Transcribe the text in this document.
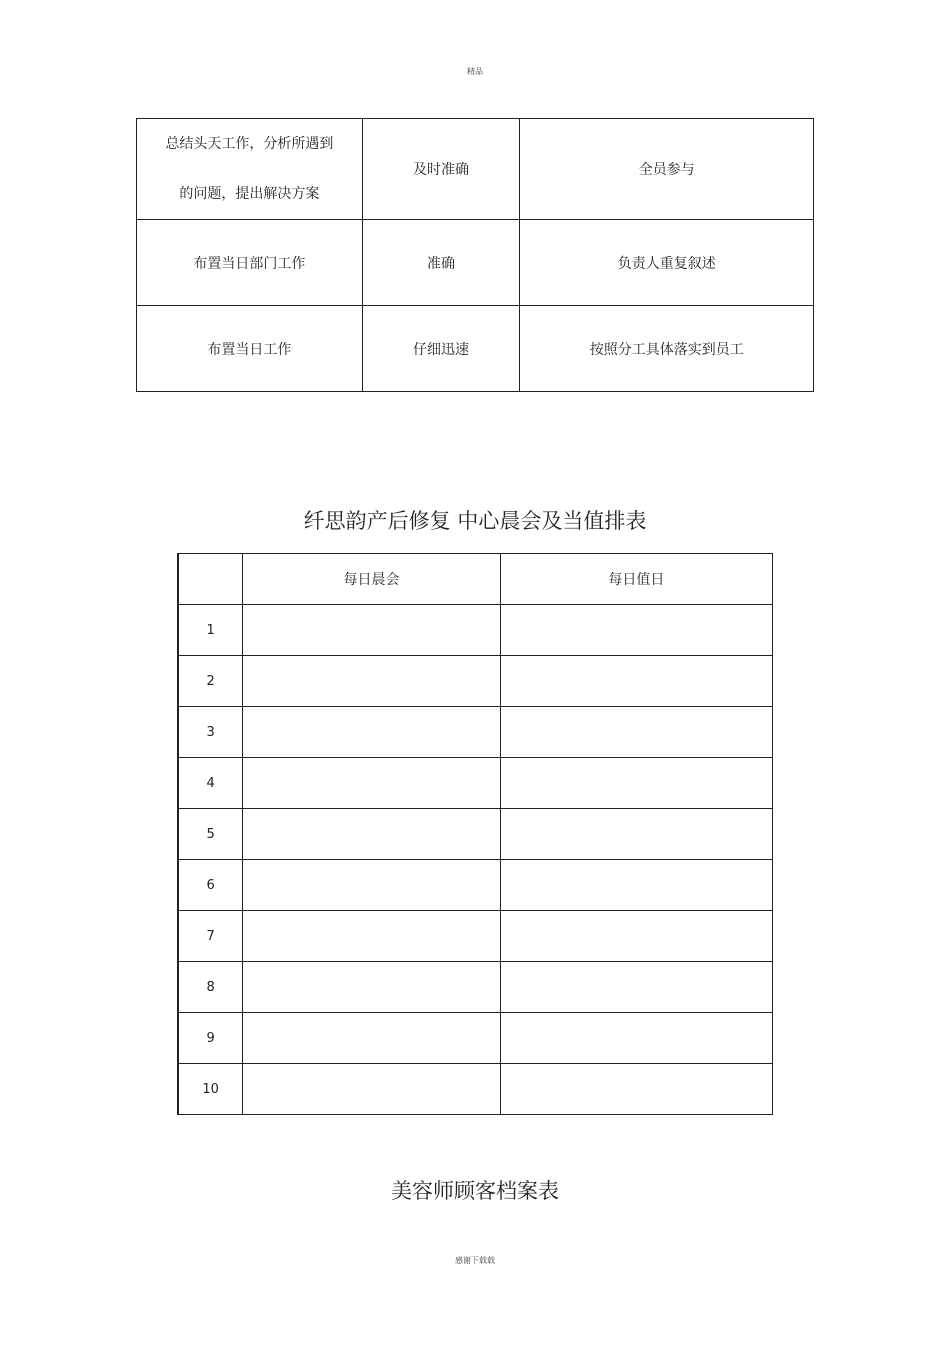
精品
总结头天工作，分析所遇到
的问题，提出解决方案	及时准确	全员参与
布置当日部门工作	准确	负责人重复叙述
布置当日工作	仔细迅速	按照分工具体落实到员工
纤思韵产后修复 中心晨会及当值排表
	每日晨会	每日值日
1		
2		
3		
4		
5		
6		
7		
8		
9		
10		
美容师顾客档案表
感谢下载载
